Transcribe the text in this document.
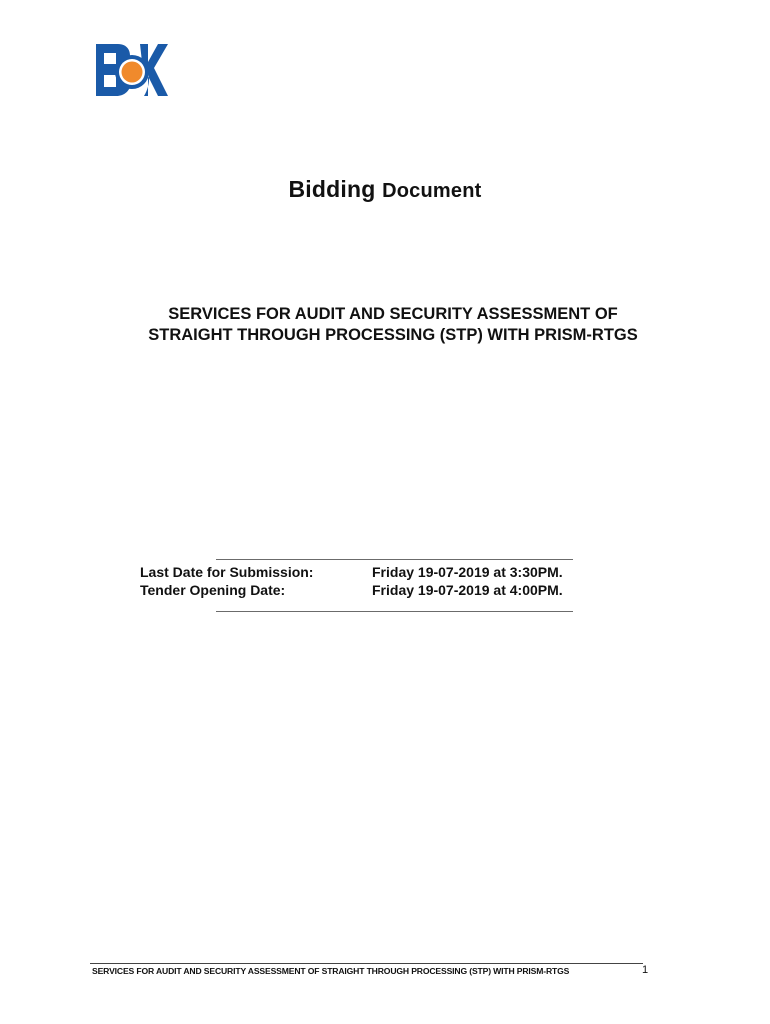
Bidding Document
SERVICES FOR AUDIT AND SECURITY ASSESSMENT OF
STRAIGHT THROUGH PROCESSING (STP) WITH PRISM-RTGS
Last Date for Submission:	Friday 19-07-2019 at 3:30PM.
Tender Opening Date:	Friday 19-07-2019 at 4:00PM.
SERVICES FOR AUDIT AND SECURITY ASSESSMENT OF STRAIGHT THROUGH PROCESSING (STP) WITH PRISM-RTGS	1
